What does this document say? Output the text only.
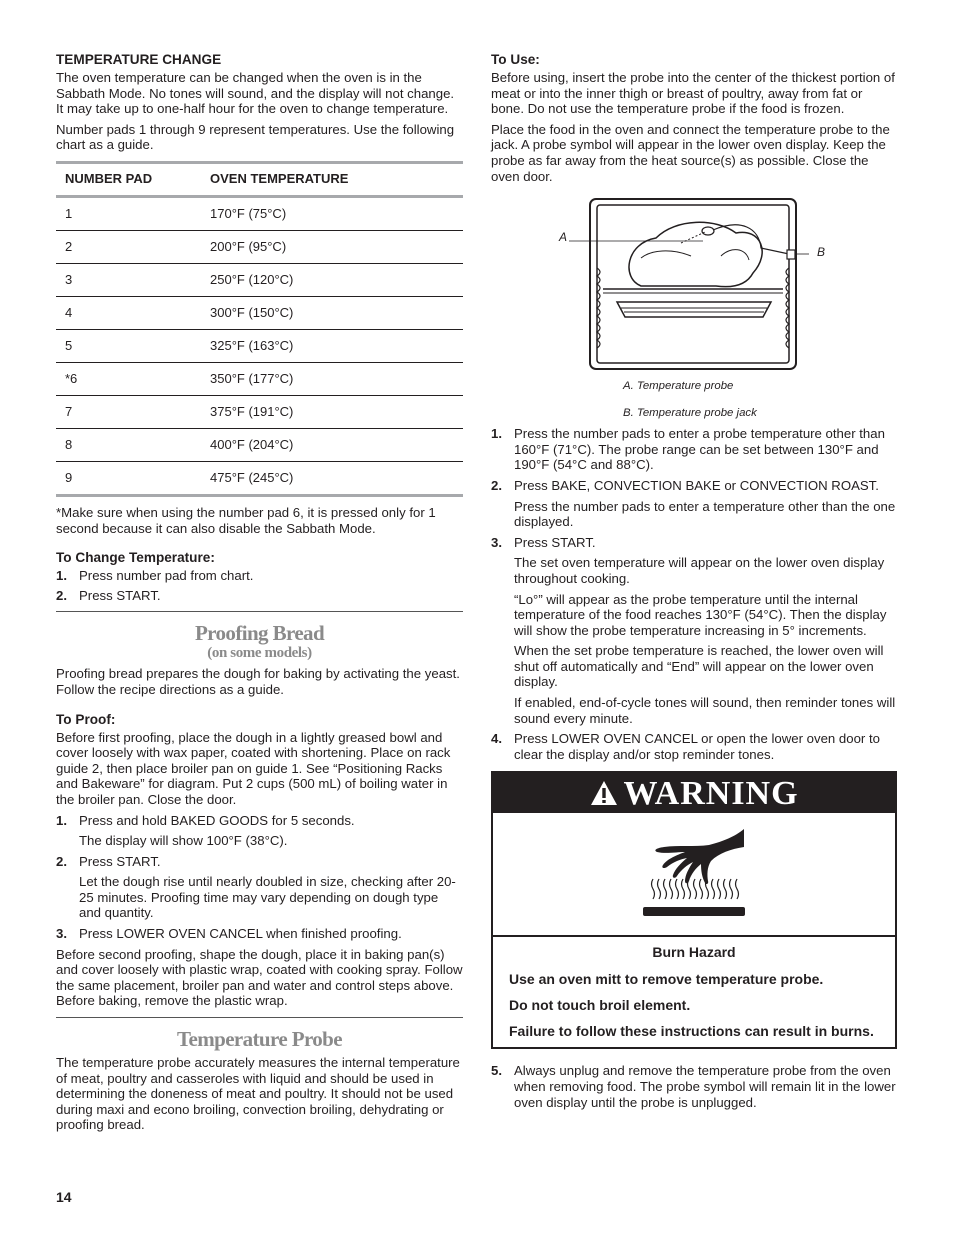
TEMPERATURE CHANGE

The oven temperature can be changed when the oven is in the Sabbath Mode. No tones will sound, and the display will not change. It may take up to one-half hour for the oven to change temperature.

Number pads 1 through 9 represent temperatures. Use the following chart as a guide.

NUMBER PAD	OVEN TEMPERATURE
1	170°F (75°C)
2	200°F (95°C)
3	250°F (120°C)
4	300°F (150°C)
5	325°F (163°C)
*6	350°F (177°C)
7	375°F (191°C)
8	400°F (204°C)
9	475°F (245°C)

*Make sure when using the number pad 6, it is pressed only for 1 second because it can also disable the Sabbath Mode.

To Change Temperature:
1. Press number pad from chart.
2. Press START.
Proofing Bread
(on some models)

Proofing bread prepares the dough for baking by activating the yeast. Follow the recipe directions as a guide.

To Proof:

Before first proofing, place the dough in a lightly greased bowl and cover loosely with wax paper, coated with shortening. Place on rack guide 2, then place broiler pan on guide 1. See “Positioning Racks and Bakeware” for diagram. Put 2 cups (500 mL) of boiling water in the broiler pan. Close the door.

1. Press and hold BAKED GOODS for 5 seconds.

The display will show 100°F (38°C).

2. Press START.

Let the dough rise until nearly doubled in size, checking after 20-25 minutes. Proofing time may vary depending on dough type and quantity.

3. Press LOWER OVEN CANCEL when finished proofing.

Before second proofing, shape the dough, place it in baking pan(s) and cover loosely with plastic wrap, coated with cooking spray. Follow the same placement, broiler pan and water and control steps above. Before baking, remove the plastic wrap.

Temperature Probe

The temperature probe accurately measures the internal temperature of meat, poultry and casseroles with liquid and should be used in determining the doneness of meat and poultry. It should not be used during maxi and econo broiling, convection broiling, dehydrating or proofing bread.

To Use:

Before using, insert the probe into the center of the thickest portion of meat or into the inner thigh or breast of poultry, away from fat or bone. Do not use the temperature probe if the food is frozen.

Place the food in the oven and connect the temperature probe to the jack. A probe symbol will appear in the lower oven display. Keep the probe as far away from the heat source(s) as possible. Close the oven door.

A
B
A. Temperature probe
B. Temperature probe jack
1. Press the number pads to enter a probe temperature other than 160°F (71°C). The probe range can be set between 130°F and 190°F (54°C and 88°C).

2. Press BAKE, CONVECTION BAKE or CONVECTION ROAST.

Press the number pads to enter a temperature other than the one displayed.

3. Press START.

The set oven temperature will appear on the lower oven display throughout cooking.

“Lo°” will appear as the probe temperature until the internal temperature of the food reaches 130°F (54°C). Then the display will show the probe temperature increasing in 5° increments.

When the set probe temperature is reached, the lower oven will shut off automatically and “End” will appear on the lower oven display.

If enabled, end-of-cycle tones will sound, then reminder tones will sound every minute.

4. Press LOWER OVEN CANCEL or open the lower oven door to clear the display and/or stop reminder tones.

WARNING

Burn Hazard

Use an oven mitt to remove temperature probe.

Do not touch broil element.

Failure to follow these instructions can result in burns.

5. Always unplug and remove the temperature probe from the oven when removing food. The probe symbol will remain lit in the lower oven display until the probe is unplugged.

14
